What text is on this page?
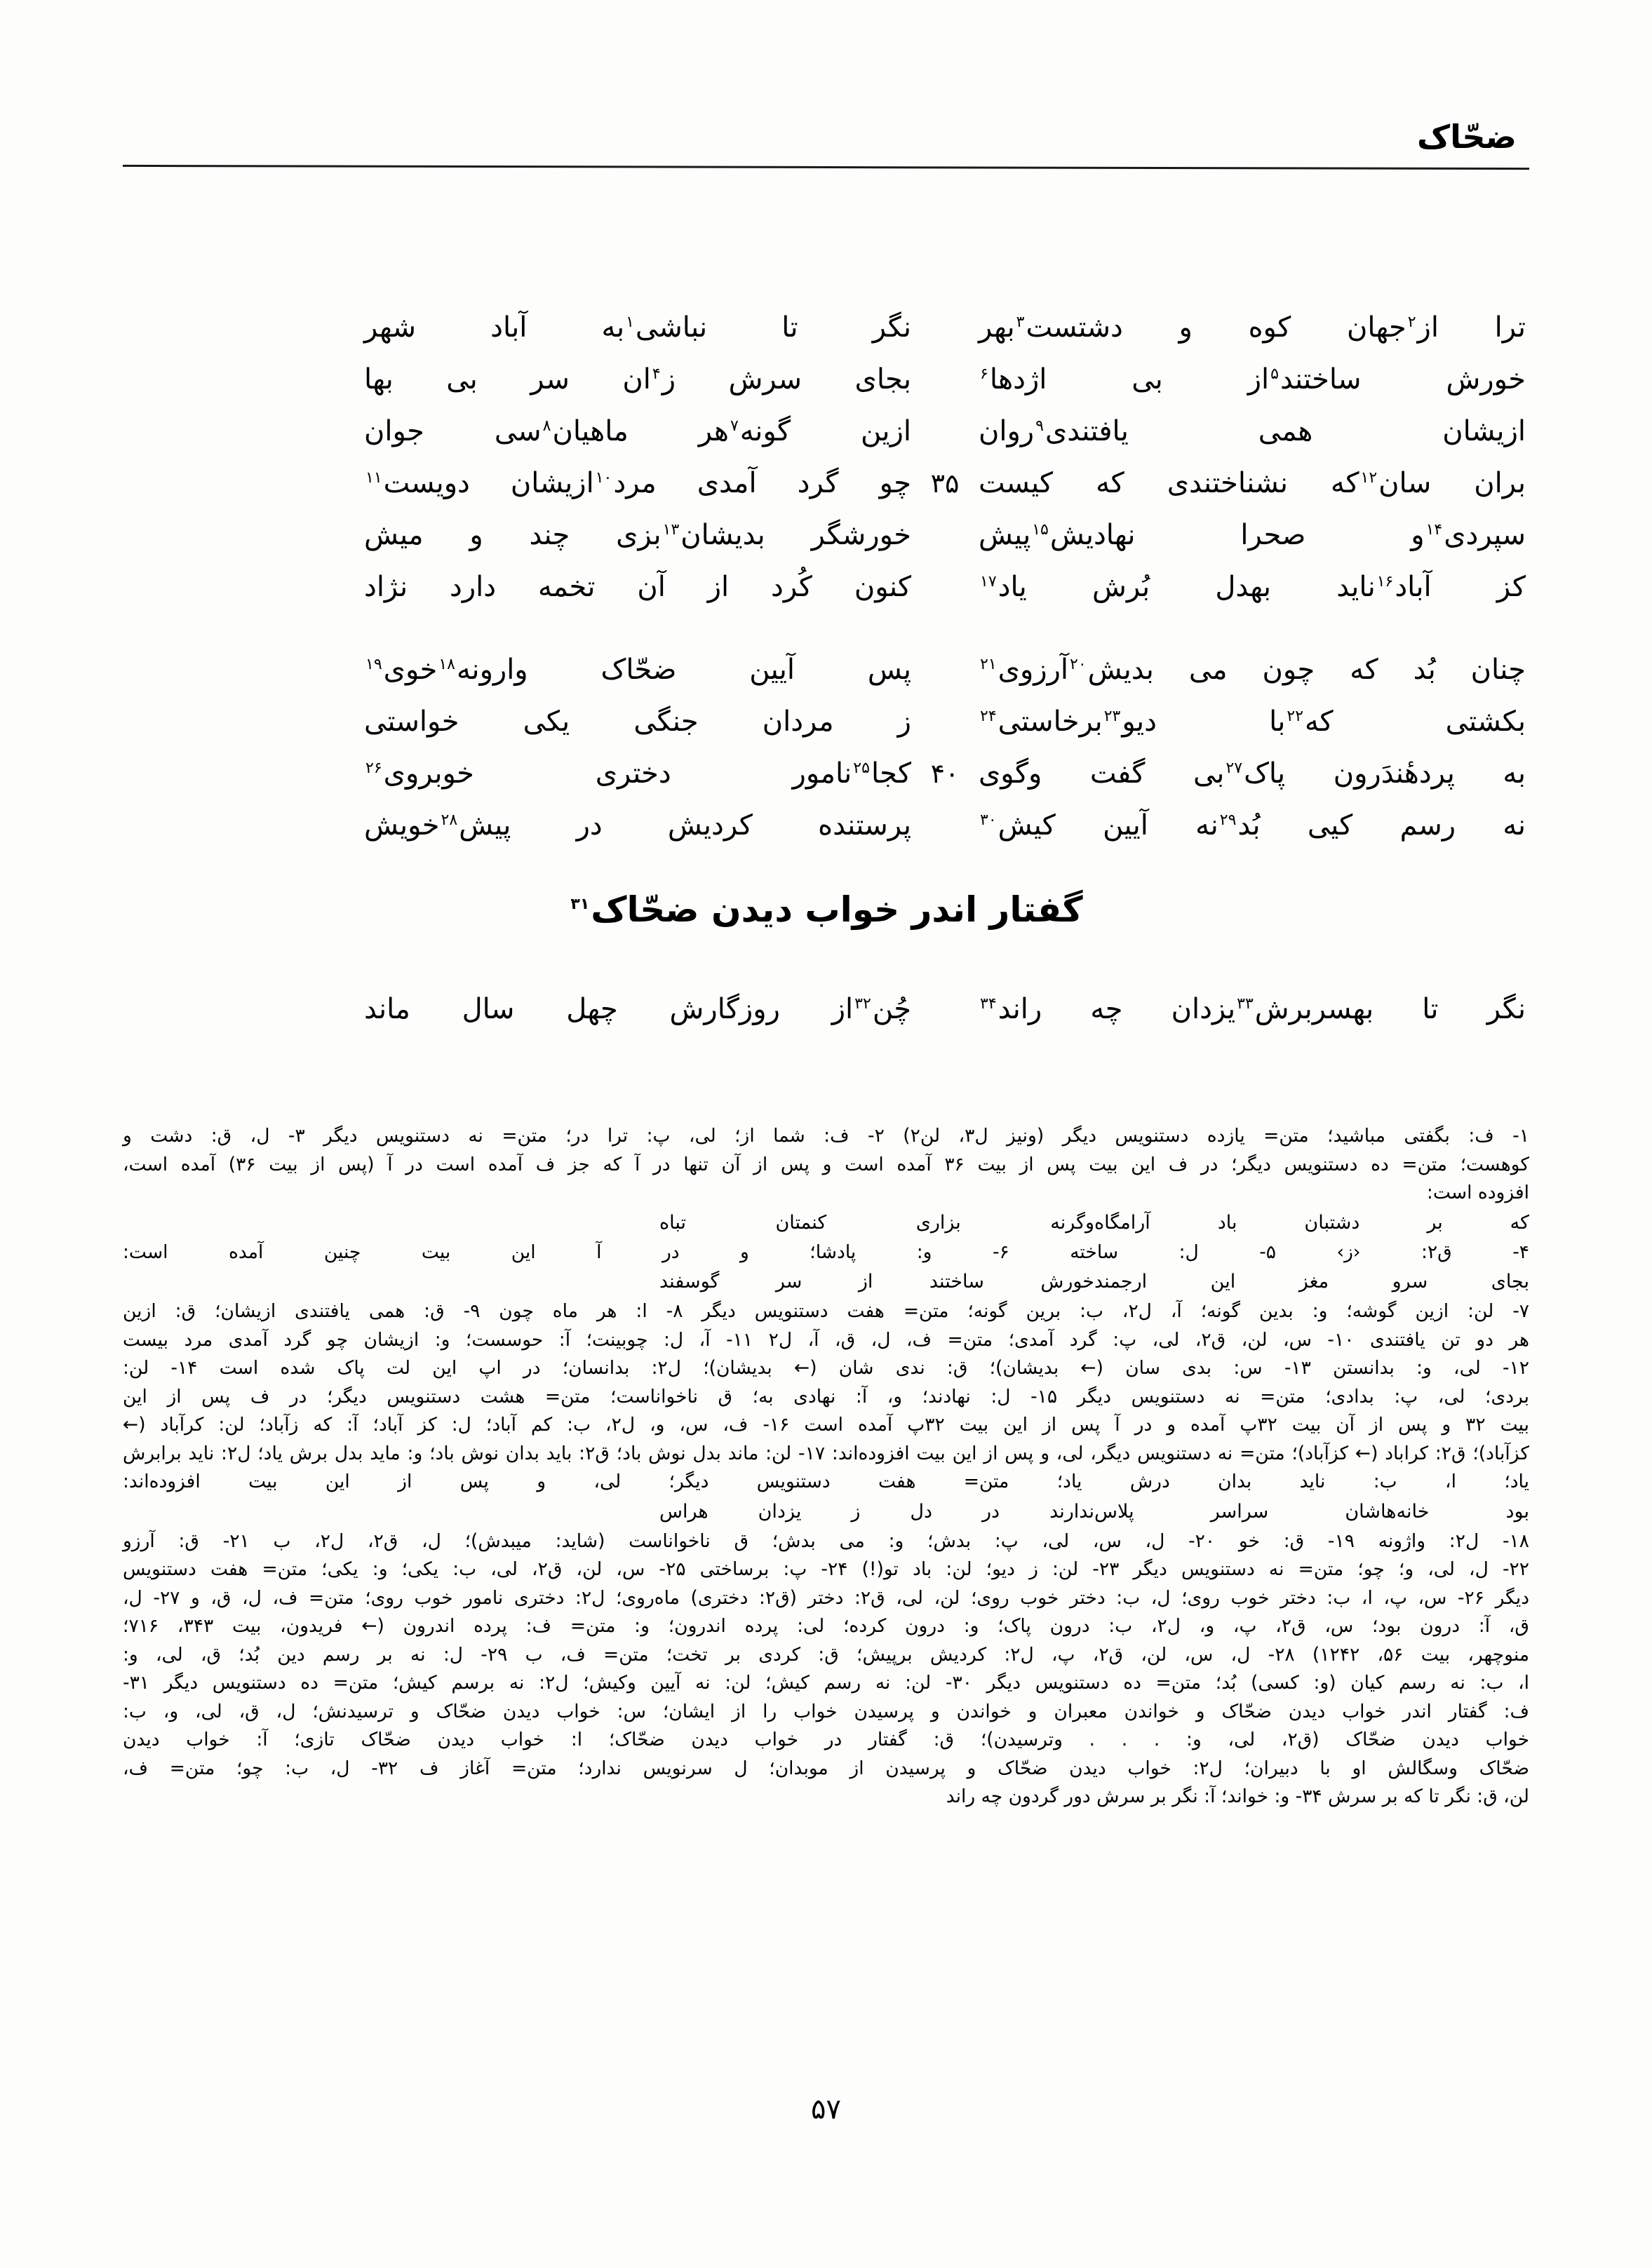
ضحّاک
ترا از$^۲$جهان کوه و دشتست$^۳$بهر
نگر تا نباشی$^۱$به آباد شهر
خورش ساختند$^۵$از بی اژدها$^۶$
بجای سرش ز$^۴$ان سر بی بها
ازیشان همی یافتندی$^۹$روان
ازین گونه$^۷$هر ماهیان$^۸$سی جوان
بران سان$^{۱۲}$که نشناختندی که کیست
۳۵
چو گرد آمدی مرد$^{۱۰}$ازیشان دویست$^{۱۱}$
سپردی$^{۱۴}$و صحرا نهادیش$^{۱۵}$پیش
خورشگر بدیشان$^{۱۳}$بزی چند و میش
کز آباد$^{۱۶}$ناید بهدل بُرش یاد$^{۱۷}$
کنون کُرد از آن تخمه دارد نژاد
چنان بُد که چون می بدیش$^{۲۰}$آرزوی$^{۲۱}$
پس آیین ضحّاک وارونه$^{۱۸}$خوی$^{۱۹}$
بکشتی که$^{۲۲}$با دیو$^{۲۳}$برخاستی$^{۲۴}$
ز مردان جنگی یکی خواستی
به پردهٔندَرون پاک$^{۲۷}$بی گفت وگوی
۴۰
کجا$^{۲۵}$نامور دختری خوبروی$^{۲۶}$
نه رسم کیی بُد$^{۲۹}$نه آیین کیش$^{۳۰}$
پرستنده کردیش در پیش$^{۲۸}$خویش
گفتار اندر خواب دیدن ضحّاک$^{۳۱}$
نگر تا بهسربرش$^{۳۳}$یزدان چه راند$^{۳۴}$
چُن$^{۳۲}$از روزگارش چهل سال ماند
۱- ف: بگفتی مباشید؛ متن= یازده دستنویس دیگر (ونیز ل۳، لن۲) ۲- ف: شما از؛ لی، پ: ترا در؛ متن= نه دستنویس دیگر ۳- ل، ق: دشت و
کوهست؛ متن= ده دستنویس دیگر؛ در ف این بیت پس از بیت ۳۶ آمده است و پس از آن تنها در آ که جز ف آمده است در آ (پس از بیت ۳۶) آمده است،
افزوده است:
که بر دشتبان باد آرامگاهوگرنه بزاری کنمتان تباه
۴- ق۲: ‹ز› ۵- ل: ساخته ۶- و: پادشا؛ و در آ این بیت چنین آمده است:
بجای سرو مغز این ارجمندخورش ساختند از سر گوسفند
۷- لن: ازین گوشه؛ و: بدین گونه؛ آ، ل۲، ب: برین گونه؛ متن= هفت دستنویس دیگر ۸- ا: هر ماه چون ۹- ق: همی یافتندی ازیشان؛ ق: ازین
هر دو تن یافتندی ۱۰- س، لن، ق۲، لی، پ: گرد آمدی؛ متن= ف، ل، ق، آ، ل۲ ۱۱- آ، ل: چوبینت؛ آ: حوسست؛ و: ازیشان چو گرد آمدی مرد بیست
۱۲- لی، و: بدانستن ۱۳- س: بدی سان (← بدیشان)؛ ق: ندی شان (← بدیشان)؛ ل۲: بدانسان؛ در اپ این لت پاک شده است ۱۴- لن:
بردی؛ لی، پ: بدادی؛ متن= نه دستنویس دیگر ۱۵- ل: نهادند؛ و، آ: نهادی به؛ ق ناخواناست؛ متن= هشت دستنویس دیگر؛ در ف پس از این
بیت ۳۲ و پس از آن بیت ۳۲پ آمده و در آ پس از این بیت ۳۲پ آمده است ۱۶- ف، س، و، ل۲، ب: کم آباد؛ ل: کز آباد؛ آ: که زآباد؛ لن: کرآباد (←
کزآباد)؛ ق۲: کراباد (← کزآباد)؛ متن= نه دستنویس دیگر، لی، و پس از این بیت افزوده‌اند: ۱۷- لن: ماند بدل نوش باد؛ ق۲: باید بدان نوش باد؛ و: ماید بدل برش یاد؛ ل۲: ناید برابرش
یاد؛ ا، ب: ناید بدان درش یاد؛ متن= هفت دستنویس دیگر؛ لی، و پس از این بیت افزوده‌اند:
بود خانه‌هاشان سراسر پلاسندارند در دل ز یزدان هراس
۱۸- ل۲: واژونه ۱۹- ق: خو ۲۰- ل، س، لی، پ: بدش؛ و: می بدش؛ ق ناخواناست (شاید: میبدش)؛ ل، ق۲، ل۲، ب ۲۱- ق: آرزو
۲۲- ل، لی، و؛ چو؛ متن= نه دستنویس دیگر ۲۳- لن: ز دیو؛ لن: باد تو(!) ۲۴- پ: برساختی ۲۵- س، لن، ق۲، لی، ب: یکی؛ و: یکی؛ متن= هفت دستنویس
دیگر ۲۶- س، پ، ا، ب: دختر خوب روی؛ ل، ب: دختر خوب روی؛ لن، لی، ق۲: دختر (ق۲: دختری) ماه‌روی؛ ل۲: دختری نامور خوب روی؛ متن= ف، ل، ق، و ۲۷- ل،
ق، آ: درون بود؛ س، ق۲، پ، و، ل۲، ب: درون پاک؛ و: درون کرده؛ لی: پرده اندرون؛ و: متن= ف: پرده اندرون (← فریدون، بیت ۳۴۳، ۷۱۶؛
منوچهر، بیت ۵۶، ۱۲۴۲) ۲۸- ل، س، لن، ق۲، پ، ل۲: کردیش برپیش؛ ق: کردی بر تخت؛ متن= ف، ب ۲۹- ل: نه بر رسم دین بُد؛ ق، لی، و:
ا، ب: نه رسم کیان (و: کسی) بُد؛ متن= ده دستنویس دیگر ۳۰- لن: نه رسم کیش؛ لن: نه آیین وکیش؛ ل۲: نه برسم کیش؛ متن= ده دستنویس دیگر ۳۱-
ف: گفتار اندر خواب دیدن ضحّاک و خواندن معبران و خواندن و پرسیدن خواب را از ایشان؛ س: خواب دیدن ضحّاک و ترسیدنش؛ ل، ق، لی، و، ب:
خواب دیدن ضحّاک (ق۲، لی، و: . . . وترسیدن)؛ ق: گفتار در خواب دیدن ضحّاک؛ ا: خواب دیدن ضحّاک تازی؛ آ: خواب دیدن
ضحّاک وسگالش او با دبیران؛ ل۲: خواب دیدن ضحّاک و پرسیدن از موبدان؛ ل سرنویس ندارد؛ متن= آغاز ف ۳۲- ل، ب: چو؛ متن= ف،
لن، ق: نگر تا که بر سرش ۳۴- و: خواند؛ آ: نگر بر سرش دور گردون چه راند
۵۷
